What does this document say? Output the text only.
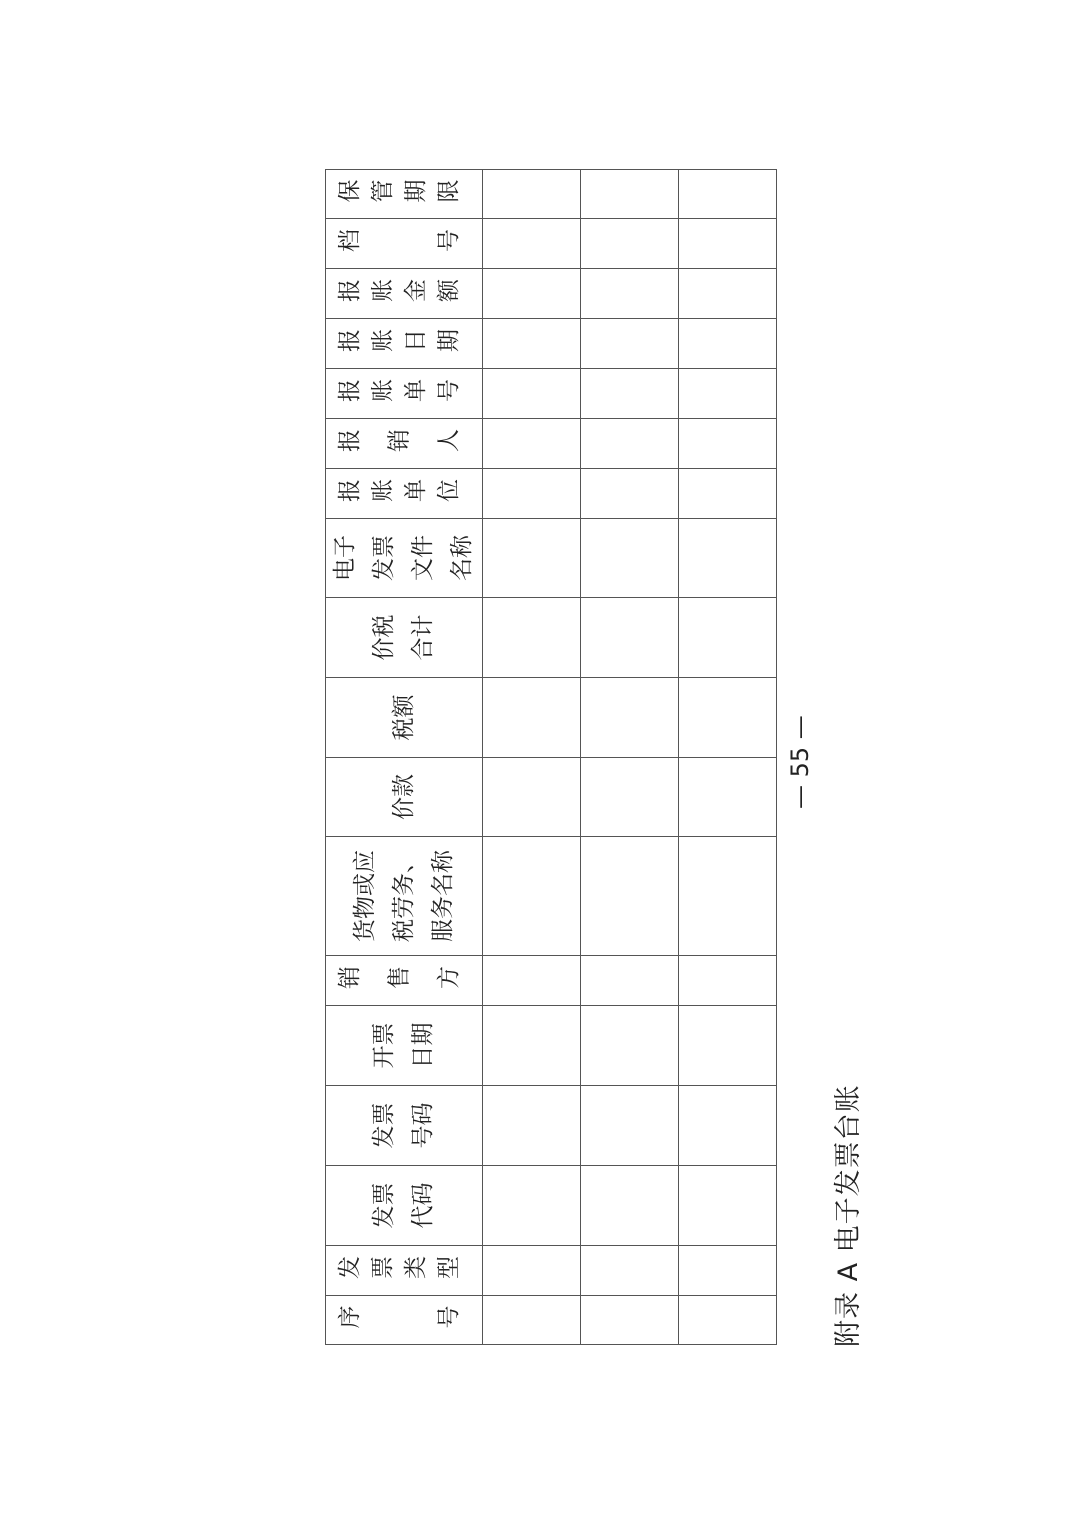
附录 A 电子发票台账
序号	发票类型	发票代码	发票号码	开票日期	销售方	货物或应税劳务、服务名称	价款	税额	价税合计	电子发票文件名称	报账单位	报销人	报账单号	报账日期	报账金额	档号	保管期限

— 55 —
